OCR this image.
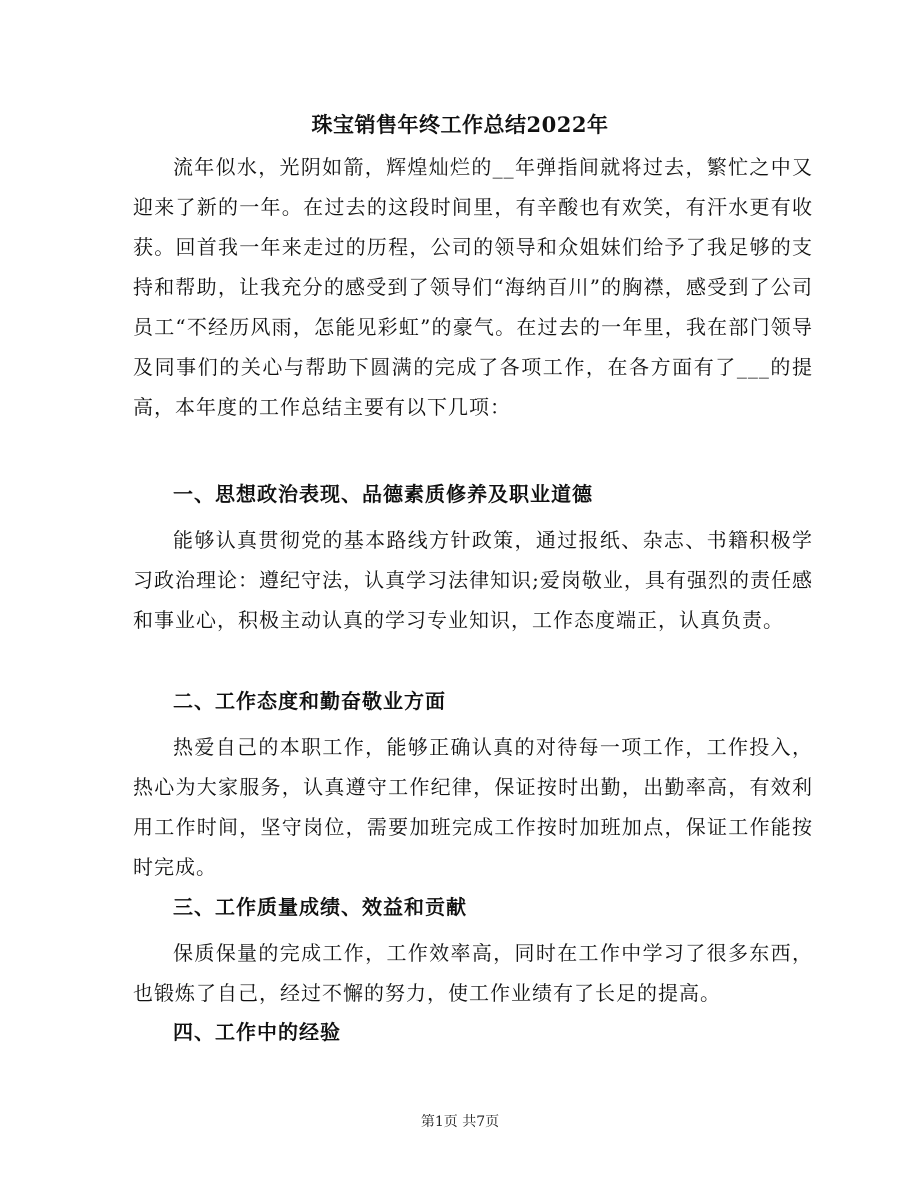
珠宝销售年终工作总结2022年

流年似水，光阴如箭，辉煌灿烂的__年弹指间就将过去，繁忙之中又迎来了新的一年。在过去的这段时间里，有辛酸也有欢笑，有汗水更有收获。回首我一年来走过的历程，公司的领导和众姐妹们给予了我足够的支持和帮助，让我充分的感受到了领导们“海纳百川”的胸襟，感受到了公司员工“不经历风雨，怎能见彩虹”的豪气。在过去的一年里，我在部门领导及同事们的关心与帮助下圆满的完成了各项工作，在各方面有了___的提高，本年度的工作总结主要有以下几项：

一、思想政治表现、品德素质修养及职业道德

能够认真贯彻党的基本路线方针政策，通过报纸、杂志、书籍积极学习政治理论：遵纪守法，认真学习法律知识;爱岗敬业，具有强烈的责任感和事业心，积极主动认真的学习专业知识，工作态度端正，认真负责。

二、工作态度和勤奋敬业方面

热爱自己的本职工作，能够正确认真的对待每一项工作，工作投入，热心为大家服务，认真遵守工作纪律，保证按时出勤，出勤率高，有效利用工作时间，坚守岗位，需要加班完成工作按时加班加点，保证工作能按时完成。

三、工作质量成绩、效益和贡献

保质保量的完成工作，工作效率高，同时在工作中学习了很多东西，也锻炼了自己，经过不懈的努力，使工作业绩有了长足的提高。

四、工作中的经验

第1页 共7页
